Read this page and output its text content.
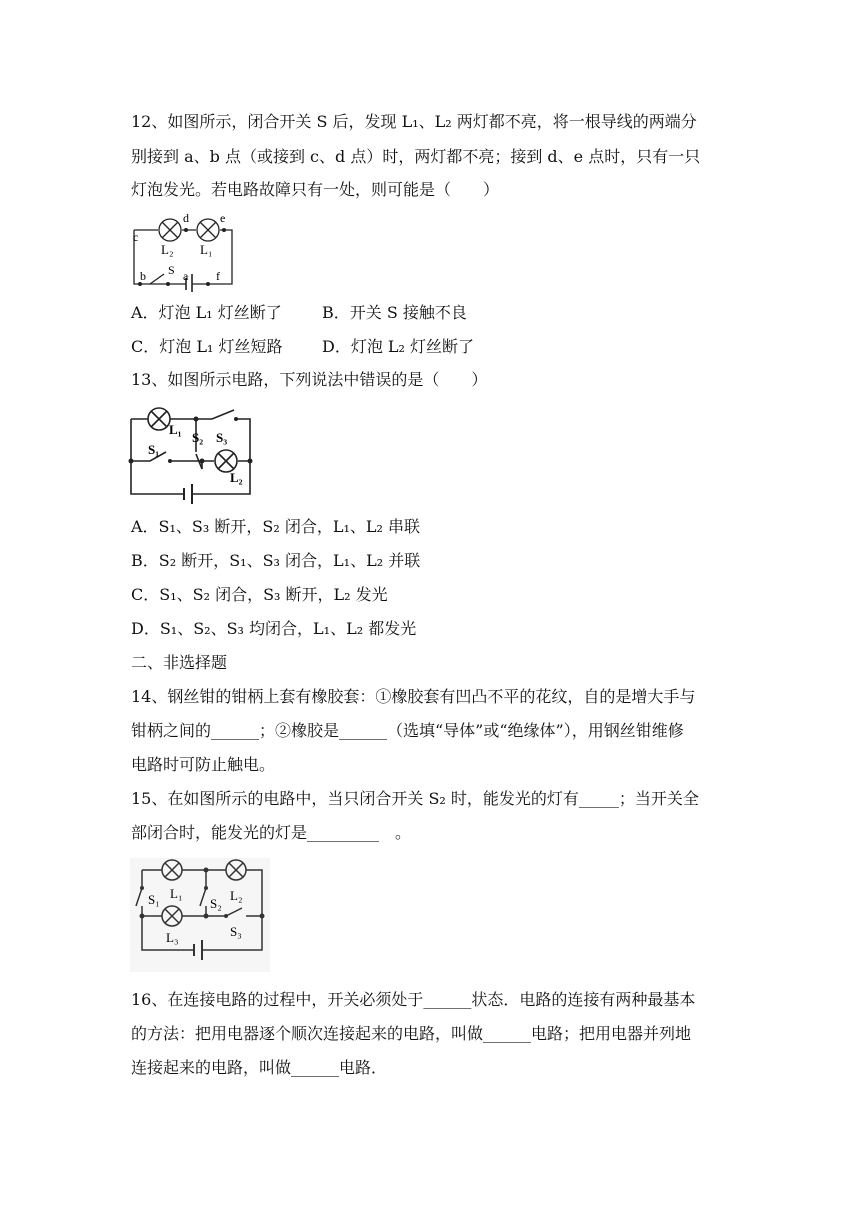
12、如图所示，闭合开关 S 后，发现 L₁、L₂ 两灯都不亮，将一根导线的两端分
别接到 a、b 点（或接到 c、d 点）时，两灯都不亮；接到 d、e 点时，只有一只
灯泡发光。若电路故障只有一处，则可能是（　　）
c
d	e
L₂ L₁
b S a f
A．灯泡 L₁ 灯丝断了	B．开关 S 接触不良
C．灯泡 L₁ 灯丝短路 D．灯泡 L₂ 灯丝断了
13、如图所示电路，下列说法中错误的是（　　）
L₁
S₁
S₂ S₃
L₂
A．S₁、S₃ 断开，S₂ 闭合，L₁、L₂ 串联
B．S₂ 断开，S₁、S₃ 闭合，L₁、L₂ 并联
C．S₁、S₂ 闭合，S₃ 断开，L₂ 发光
D．S₁、S₂、S₃ 均闭合，L₁、L₂ 都发光
二、非选择题
14、钢丝钳的钳柄上套有橡胶套：①橡胶套有凹凸不平的花纹，自的是增大手与
钳柄之间的______；②橡胶是______（选填“导体”或“绝缘体”），用钢丝钳维修
电路时可防止触电。
15、在如图所示的电路中，当只闭合开关 S₂ 时，能发光的灯有_____；当开关全
部闭合时，能发光的灯是_________　。
S₁ L₁
S₂
L₂
L₃	S₃
16、在连接电路的过程中，开关必须处于______状态．电路的连接有两种最基本
的方法：把用电器逐个顺次连接起来的电路，叫做______电路；把用电器并列地
连接起来的电路，叫做______电路．
